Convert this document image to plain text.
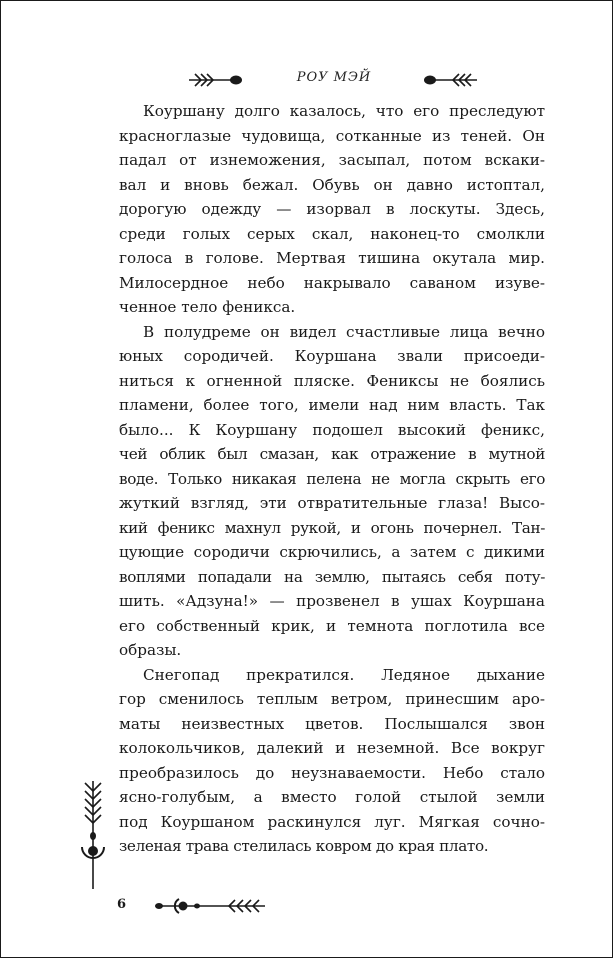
РОУ МЭЙ

Коуршану долго казалось, что его преследуют
красноглазые чудовища, сотканные из теней. Он
падал от изнеможения, засыпал, потом вскаки-
вал и вновь бежал. Обувь он давно истоптал,
дорогую одежду — изорвал в лоскуты. Здесь,
среди голых серых скал, наконец-то смолкли
голоса в голове. Мертвая тишина окутала мир.
Милосердное небо накрывало саваном изуве-
ченное тело феникса.

В полудреме он видел счастливые лица вечно
юных сородичей. Коуршана звали присоеди-
ниться к огненной пляске. Фениксы не боялись
пламени, более того, имели над ним власть. Так
было... К Коуршану подошел высокий феникс,
чей облик был смазан, как отражение в мутной
воде. Только никакая пелена не могла скрыть его
жуткий взгляд, эти отвратительные глаза! Высо-
кий феникс махнул рукой, и огонь почернел. Тан-
цующие сородичи скрючились, а затем с дикими
воплями попадали на землю, пытаясь себя поту-
шить. «Адзуна!» — прозвенел в ушах Коуршана
его собственный крик, и темнота поглотила все
образы.

Снегопад прекратился. Ледяное дыхание
гор сменилось теплым ветром, принесшим аро-
маты неизвестных цветов. Послышался звон
колокольчиков, далекий и неземной. Все вокруг
преобразилось до неузнаваемости. Небо стало
ясно-голубым, а вместо голой стылой земли
под Коуршаном раскинулся луг. Мягкая сочно-
зеленая трава стелилась ковром до края плато.

6
